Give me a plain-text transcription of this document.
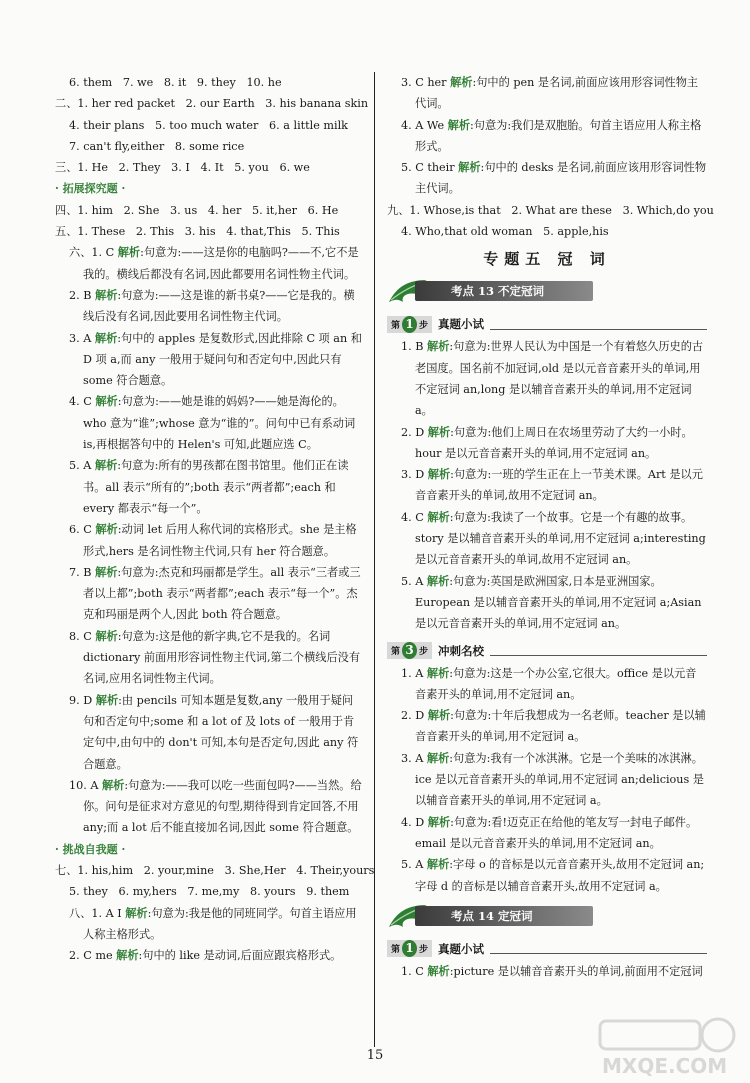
6. them   7. we   8. it   9. they   10. he
二、1. her red packet   2. our Earth   3. his banana skin
4. their plans   5. too much water   6. a little milk
7. can't fly,either   8. some rice
三、1. He   2. They   3. I   4. It   5. you   6. we
· 拓展探究题 ·
四、1. him   2. She   3. us   4. her   5. it,her   6. He
五、1. These   2. This   3. his   4. that,This   5. This

六、1. C 解析:句意为:——这是你的电脑吗?——不,它不是我的。横线后都没有名词,因此都要用名词性物主代词。

2. B 解析:句意为:——这是谁的新书桌?——它是我的。横线后没有名词,因此要用名词性物主代词。

3. A 解析:句中的 apples 是复数形式,因此排除 C 项 an 和 D 项 a,而 any 一般用于疑问句和否定句中,因此只有 some 符合题意。

4. C 解析:句意为:——她是谁的妈妈?——她是海伦的。who 意为“谁”;whose 意为“谁的”。问句中已有系动词 is,再根据答句中的 Helen's 可知,此题应选 C。

5. A 解析:句意为:所有的男孩都在图书馆里。他们正在读书。all 表示“所有的”;both 表示“两者都”;each 和 every 都表示“每一个”。

6. C 解析:动词 let 后用人称代词的宾格形式。she 是主格形式,hers 是名词性物主代词,只有 her 符合题意。

7. B 解析:句意为:杰克和玛丽都是学生。all 表示“三者或三者以上都”;both 表示“两者都”;each 表示“每一个”。杰克和玛丽是两个人,因此 both 符合题意。

8. C 解析:句意为:这是他的新字典,它不是我的。名词 dictionary 前面用形容词性物主代词,第二个横线后没有名词,应用名词性物主代词。

9. D 解析:由 pencils 可知本题是复数,any 一般用于疑问句和否定句中;some 和 a lot of 及 lots of 一般用于肯定句中,由句中的 don't 可知,本句是否定句,因此 any 符合题意。

10. A 解析:句意为:——我可以吃一些面包吗?——当然。给你。问句是征求对方意见的句型,期待得到肯定回答,不用 any;而 a lot 后不能直接加名词,因此 some 符合题意。

· 挑战自我题 ·
七、1. his,him   2. your,mine   3. She,Her   4. Their,yours
5. they   6. my,hers   7. me,my   8. yours   9. them

八、1. A I 解析:句意为:我是他的同班同学。句首主语应用人称主格形式。

2. C me 解析:句中的 like 是动词,后面应跟宾格形式。

3. C her 解析:句中的 pen 是名词,前面应该用形容词性物主代词。

4. A We 解析:句意为:我们是双胞胎。句首主语应用人称主格形式。

5. C their 解析:句中的 desks 是名词,前面应该用形容词性物主代词。

九、1. Whose,is that   2. What are these   3. Which,do you
4. Who,that old woman   5. apple,his
专题五 冠 词
考点 13 不定冠词
第 1 步 真题小试

1. B 解析:句意为:世界人民认为中国是一个有着悠久历史的古老国度。国名前不加冠词,old 是以元音音素开头的单词,用不定冠词 an,long 是以辅音音素开头的单词,用不定冠词 a。

2. D 解析:句意为:他们上周日在农场里劳动了大约一小时。hour 是以元音音素开头的单词,用不定冠词 an。

3. D 解析:句意为:一班的学生正在上一节美术课。Art 是以元音音素开头的单词,故用不定冠词 an。

4. C 解析:句意为:我读了一个故事。它是一个有趣的故事。story 是以辅音音素开头的单词,用不定冠词 a;interesting 是以元音音素开头的单词,故用不定冠词 an。

5. A 解析:句意为:英国是欧洲国家,日本是亚洲国家。European 是以辅音音素开头的单词,用不定冠词 a;Asian 是以元音音素开头的单词,用不定冠词 an。

第 3 步 冲刺名校

1. A 解析:句意为:这是一个办公室,它很大。office 是以元音音素开头的单词,用不定冠词 an。

2. D 解析:句意为:十年后我想成为一名老师。teacher 是以辅音音素开头的单词,用不定冠词 a。

3. A 解析:句意为:我有一个冰淇淋。它是一个美味的冰淇淋。ice 是以元音音素开头的单词,用不定冠词 an;delicious 是以辅音音素开头的单词,用不定冠词 a。

4. D 解析:句意为:看!迈克正在给他的笔友写一封电子邮件。email 是以元音音素开头的单词,用不定冠词 an。

5. A 解析:字母 o 的音标是以元音音素开头,故用不定冠词 an;字母 d 的音标是以辅音音素开头,故用不定冠词 a。

考点 14 定冠词
第 1 步 真题小试

1. C 解析:picture 是以辅音音素开头的单词,前面用不定冠词

15	MXQE.COM
